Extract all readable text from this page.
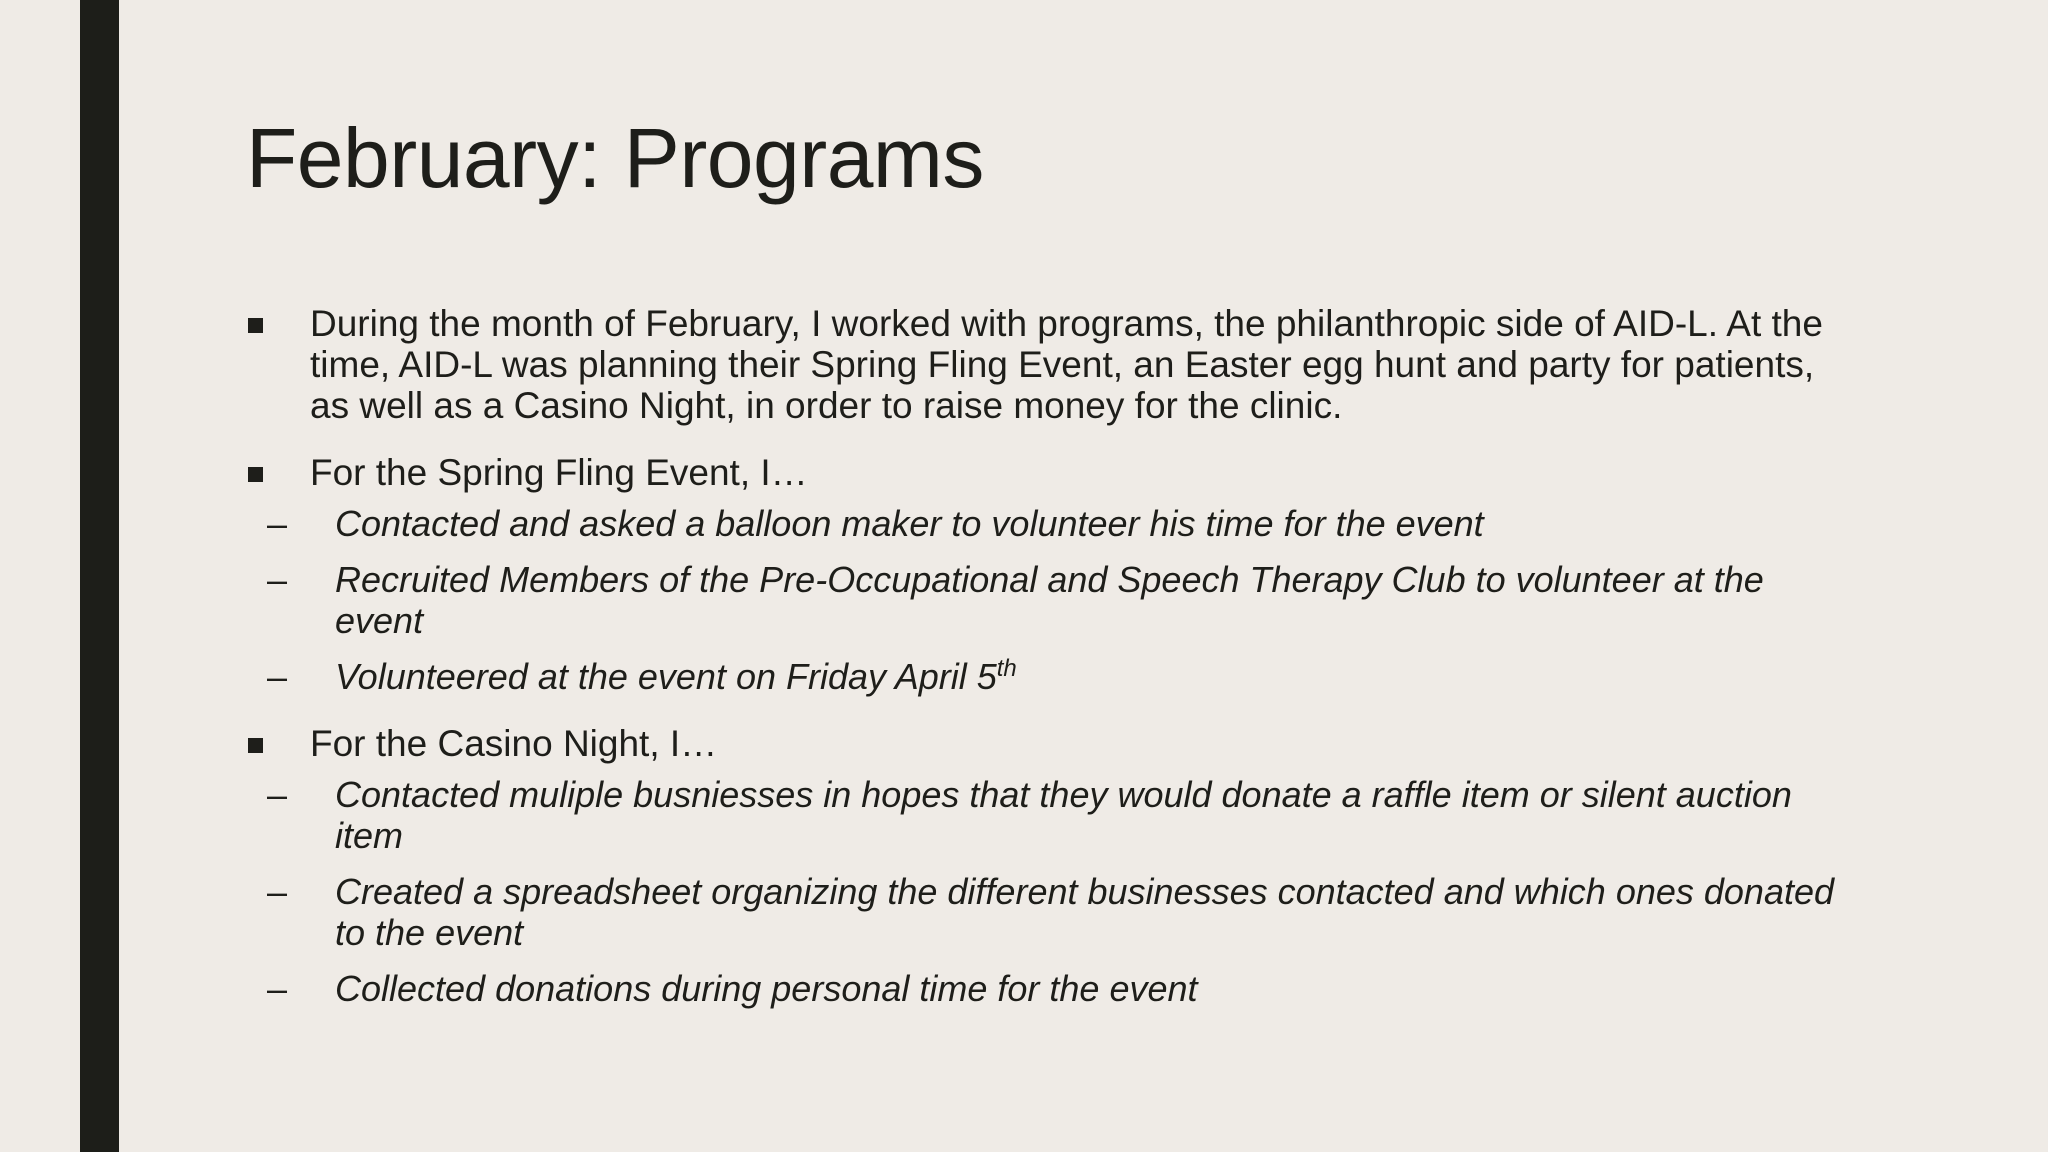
February: Programs
During the month of February, I worked with programs, the philanthropic side of AID-L. At the time, AID-L was planning their Spring Fling Event, an Easter egg hunt and party for patients, as well as a Casino Night, in order to raise money for the clinic.
For the Spring Fling Event, I…
– Contacted and asked a balloon maker to volunteer his time for the event
– Recruited Members of the Pre-Occupational and Speech Therapy Club to volunteer at the event
– Volunteered at the event on Friday April 5th
For the Casino Night, I…
– Contacted muliple busniesses in hopes that they would donate a raffle item or silent auction item
– Created a spreadsheet organizing the different businesses contacted and which ones donated to the event
– Collected donations during personal time for the event
